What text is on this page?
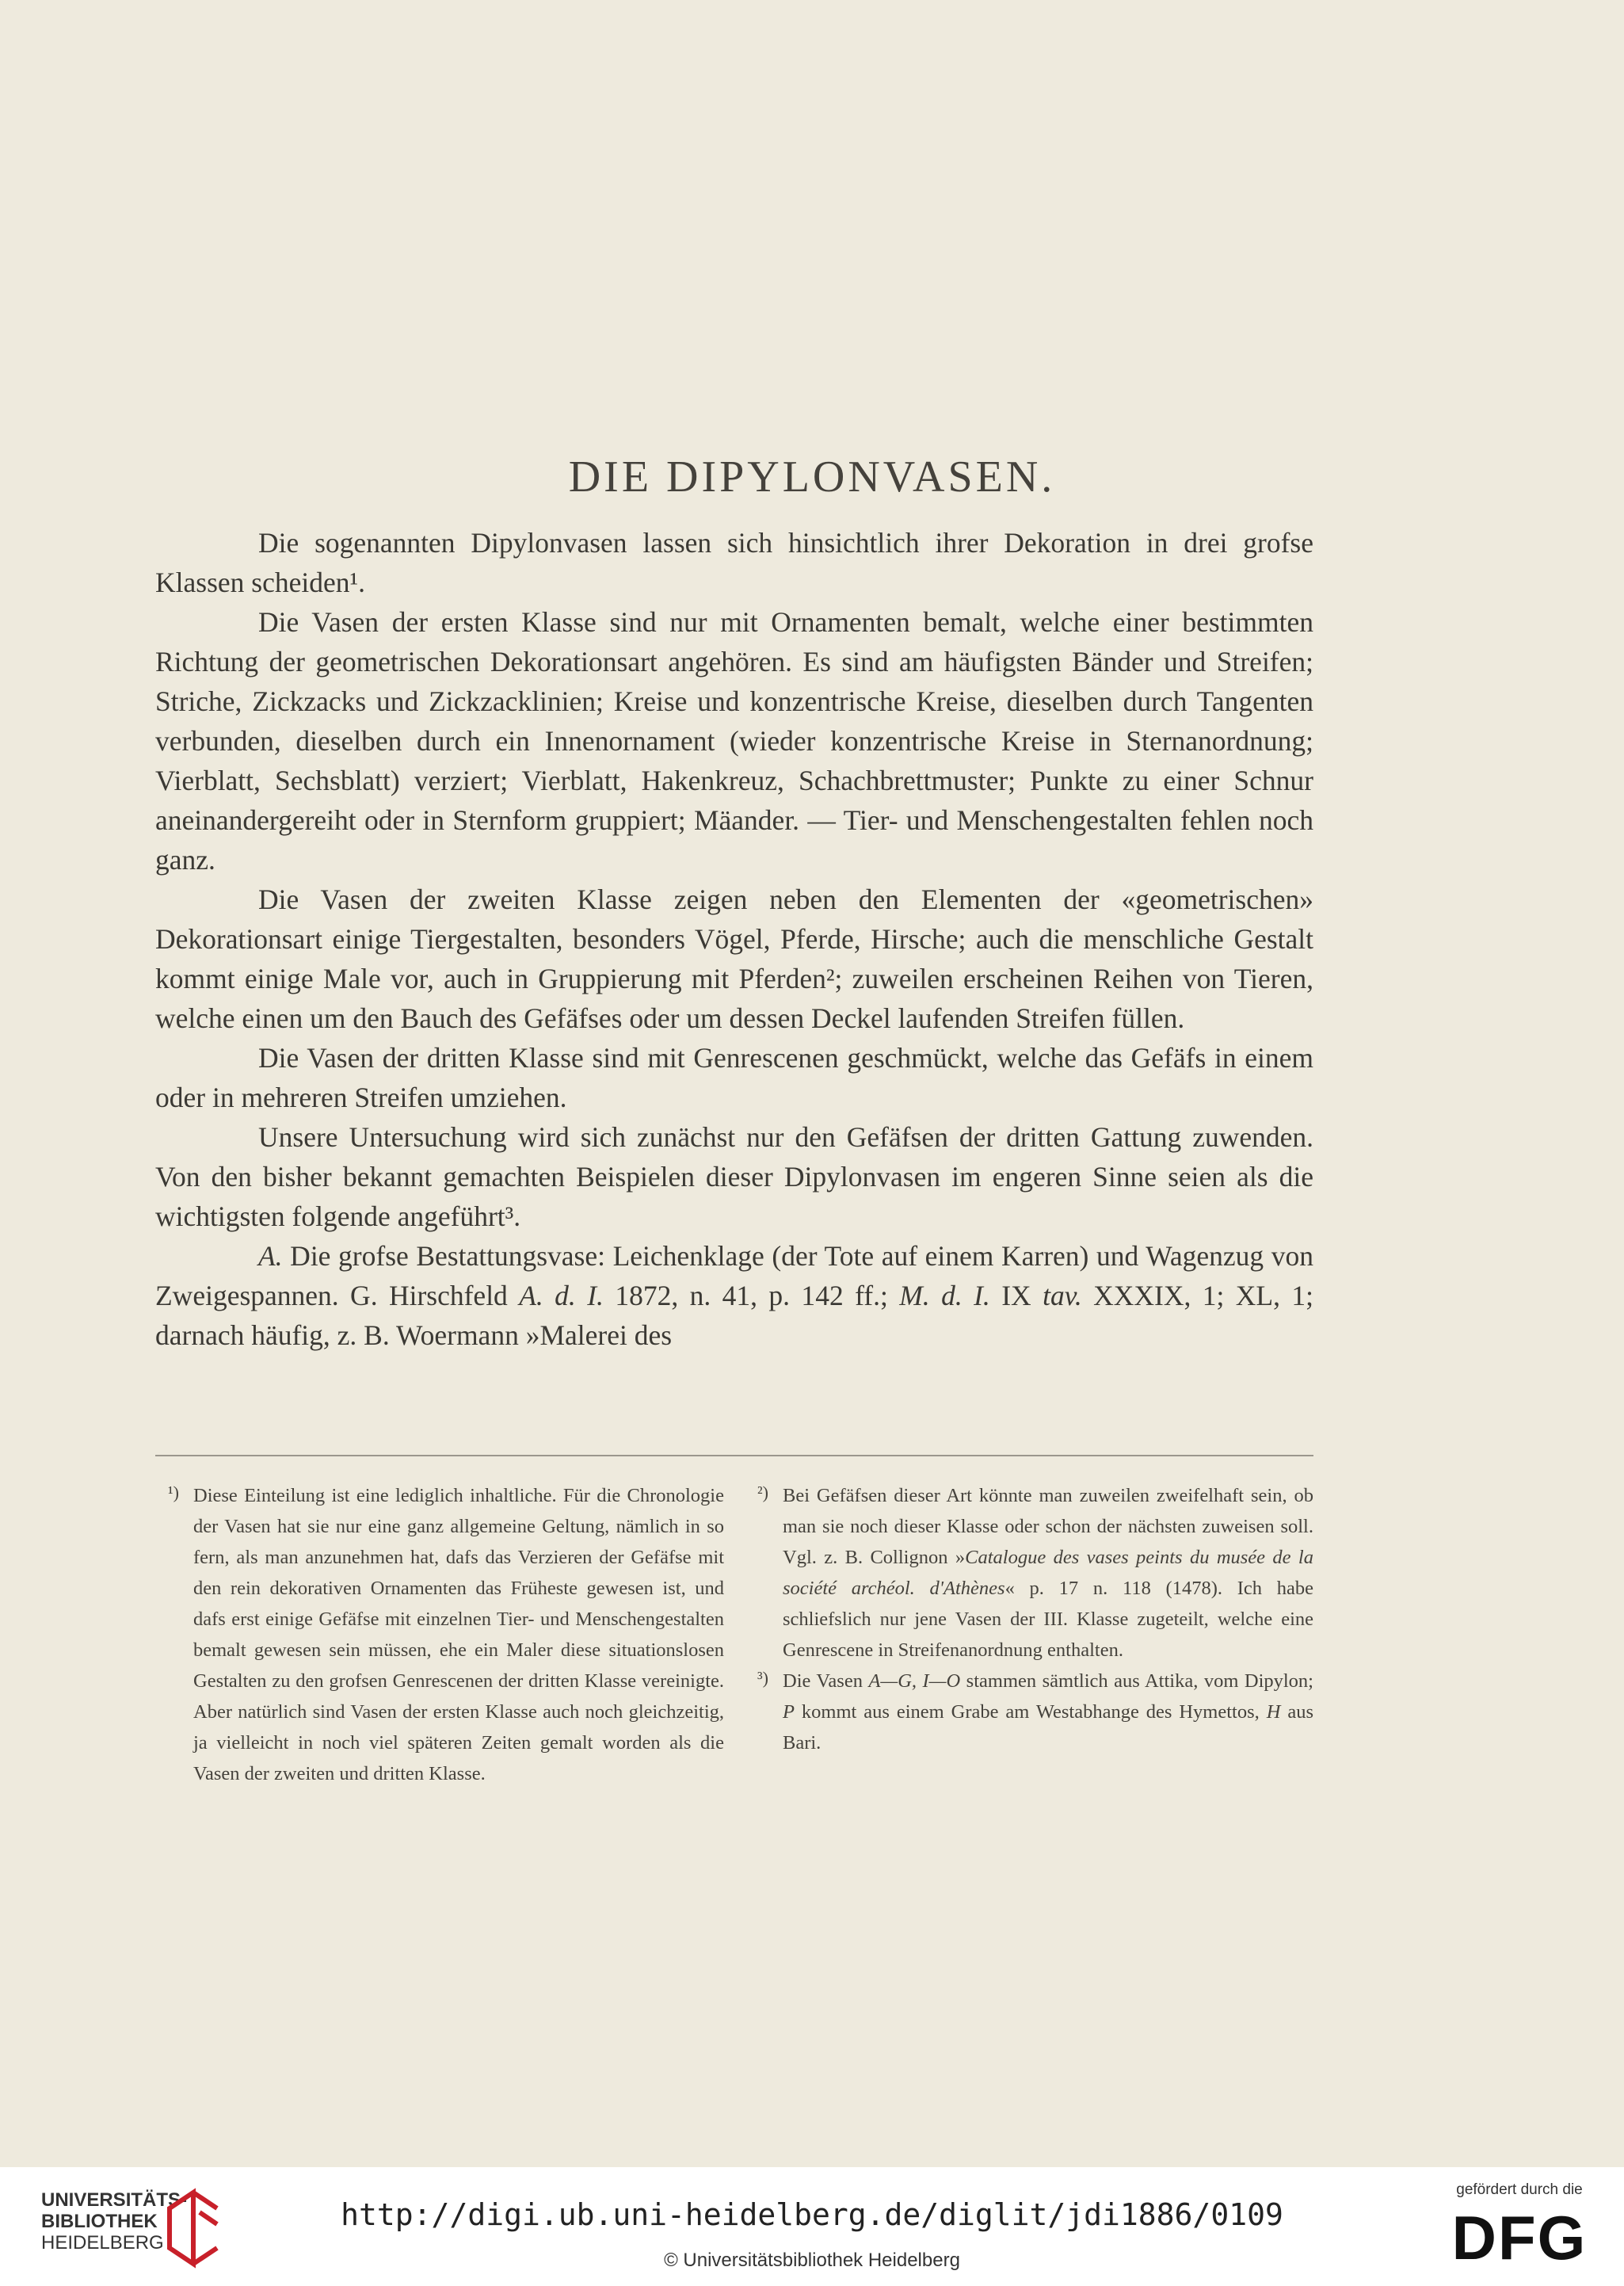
DIE DIPYLONVASEN.

Die sogenannten Dipylonvasen lassen sich hinsichtlich ihrer Dekoration in drei grofse Klassen scheiden¹.

Die Vasen der ersten Klasse sind nur mit Ornamenten bemalt, welche einer bestimmten Richtung der geometrischen Dekorationsart angehören. Es sind am häufigsten Bänder und Streifen; Striche, Zickzacks und Zickzacklinien; Kreise und konzentrische Kreise, dieselben durch Tangenten verbunden, dieselben durch ein Innenornament (wieder konzentrische Kreise in Sternanordnung; Vierblatt, Sechsblatt) verziert; Vierblatt, Hakenkreuz, Schachbrettmuster; Punkte zu einer Schnur aneinandergereiht oder in Sternform gruppiert; Mäander. — Tier- und Menschengestalten fehlen noch ganz.

Die Vasen der zweiten Klasse zeigen neben den Elementen der «geometrischen» Dekorationsart einige Tiergestalten, besonders Vögel, Pferde, Hirsche; auch die menschliche Gestalt kommt einige Male vor, auch in Gruppierung mit Pferden²; zuweilen erscheinen Reihen von Tieren, welche einen um den Bauch des Gefäfses oder um dessen Deckel laufenden Streifen füllen.

Die Vasen der dritten Klasse sind mit Genrescenen geschmückt, welche das Gefäfs in einem oder in mehreren Streifen umziehen.

Unsere Untersuchung wird sich zunächst nur den Gefäfsen der dritten Gattung zuwenden. Von den bisher bekannt gemachten Beispielen dieser Dipylonvasen im engeren Sinne seien als die wichtigsten folgende angeführt³.

A. Die grofse Bestattungsvase: Leichenklage (der Tote auf einem Karren) und Wagenzug von Zweigespannen. G. Hirschfeld A. d. I. 1872, n. 41, p. 142 ff.; M. d. I. IX tav. XXXIX, 1; XL, 1; darnach häufig, z. B. Woermann »Malerei des

¹) Diese Einteilung ist eine lediglich inhaltliche. Für die Chronologie der Vasen hat sie nur eine ganz allgemeine Geltung, nämlich in so fern, als man anzunehmen hat, dafs das Verzieren der Gefäfse mit den rein dekorativen Ornamenten das Früheste gewesen ist, und dafs erst einige Gefäfse mit einzelnen Tier- und Menschengestalten bemalt gewesen sein müssen, ehe ein Maler diese situationslosen Gestalten zu den grofsen Genrescenen der dritten Klasse vereinigte. Aber natürlich sind Vasen der ersten Klasse auch noch gleichzeitig, ja vielleicht in noch viel späteren Zeiten gemalt worden als die Vasen der zweiten und dritten Klasse.

²) Bei Gefäfsen dieser Art könnte man zuweilen zweifelhaft sein, ob man sie noch dieser Klasse oder schon der nächsten zuweisen soll. Vgl. z. B. Collignon »Catalogue des vases peints du musée de la société archéol. d'Athènes« p. 17 n. 118 (1478). Ich habe schliefslich nur jene Vasen der III. Klasse zugeteilt, welche eine Genrescene in Streifenanordnung enthalten.

³) Die Vasen A—G, I—O stammen sämtlich aus Attika, vom Dipylon; P kommt aus einem Grabe am Westabhange des Hymettos, H aus Bari.

UNIVERSITÄTS-
BIBLIOTHEK
HEIDELBERG
http://digi.ub.uni-heidelberg.de/diglit/jdi1886/0109
© Universitätsbibliothek Heidelberg
gefördert durch die
DFG
